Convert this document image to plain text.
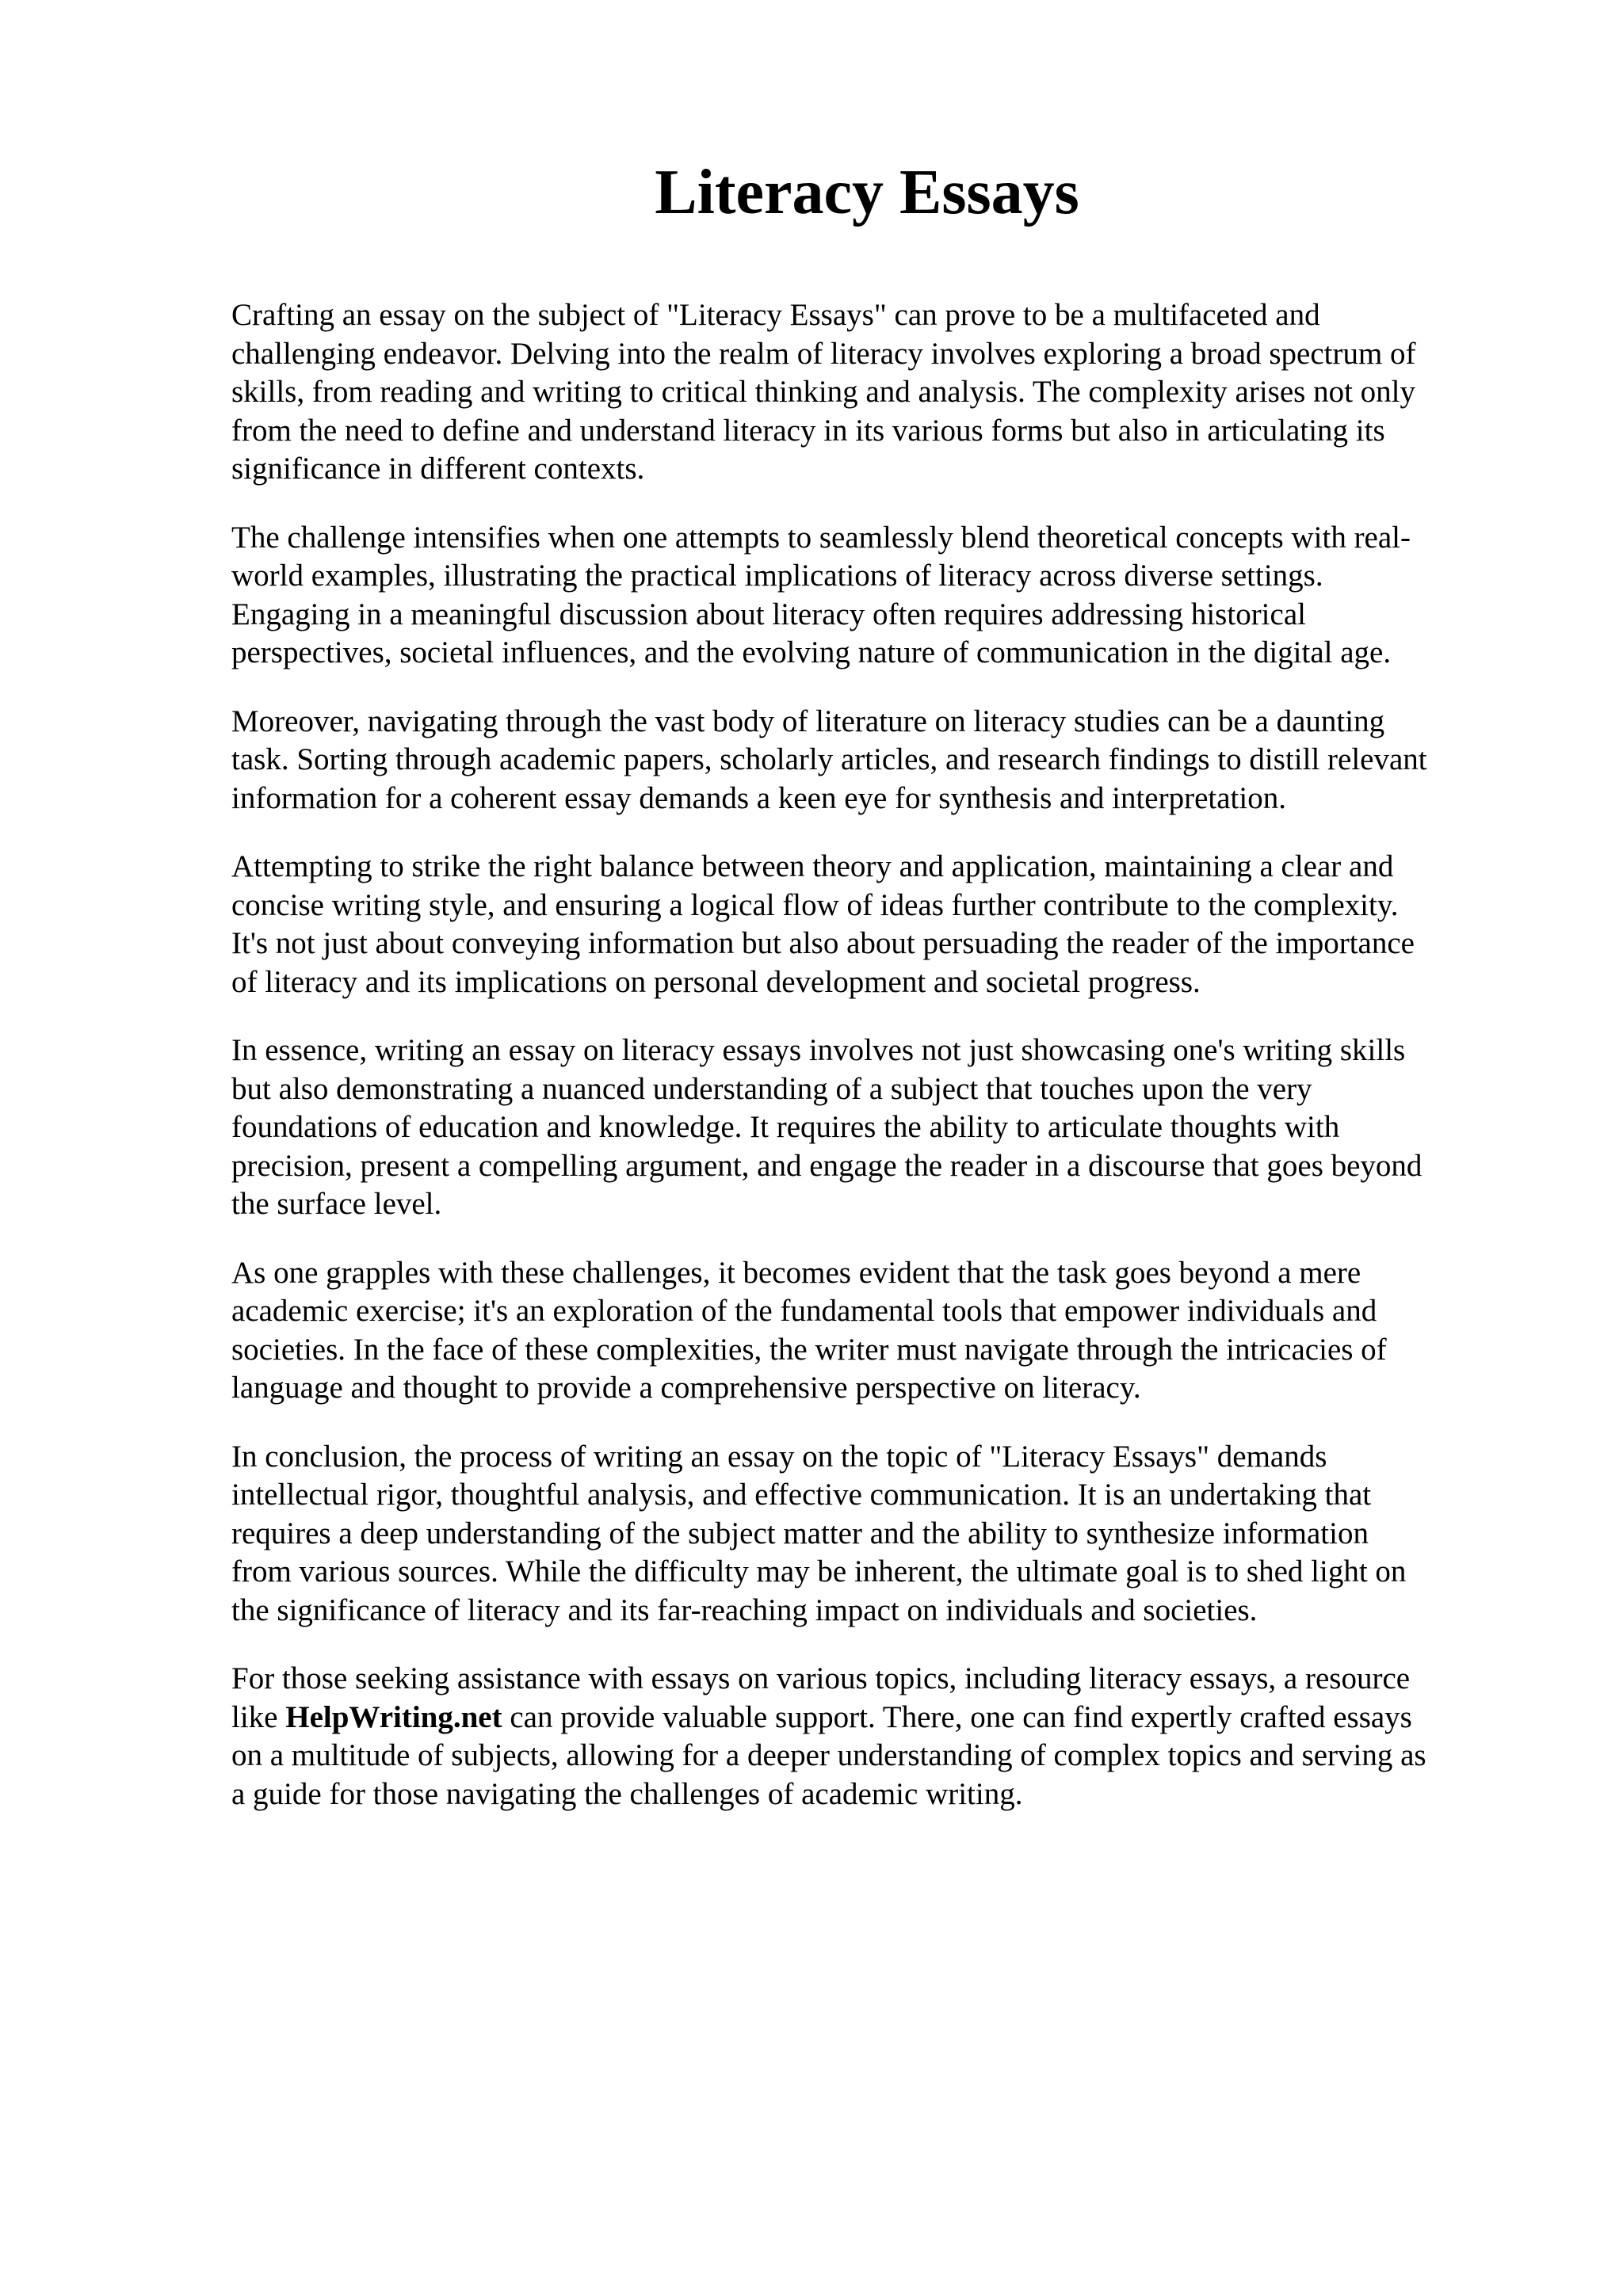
Literacy Essays

Crafting an essay on the subject of "Literacy Essays" can prove to be a multifaceted and
challenging endeavor. Delving into the realm of literacy involves exploring a broad spectrum of
skills, from reading and writing to critical thinking and analysis. The complexity arises not only
from the need to define and understand literacy in its various forms but also in articulating its
significance in different contexts.

The challenge intensifies when one attempts to seamlessly blend theoretical concepts with real-
world examples, illustrating the practical implications of literacy across diverse settings.
Engaging in a meaningful discussion about literacy often requires addressing historical
perspectives, societal influences, and the evolving nature of communication in the digital age.

Moreover, navigating through the vast body of literature on literacy studies can be a daunting
task. Sorting through academic papers, scholarly articles, and research findings to distill relevant
information for a coherent essay demands a keen eye for synthesis and interpretation.

Attempting to strike the right balance between theory and application, maintaining a clear and
concise writing style, and ensuring a logical flow of ideas further contribute to the complexity.
It's not just about conveying information but also about persuading the reader of the importance
of literacy and its implications on personal development and societal progress.

In essence, writing an essay on literacy essays involves not just showcasing one's writing skills
but also demonstrating a nuanced understanding of a subject that touches upon the very
foundations of education and knowledge. It requires the ability to articulate thoughts with
precision, present a compelling argument, and engage the reader in a discourse that goes beyond
the surface level.

As one grapples with these challenges, it becomes evident that the task goes beyond a mere
academic exercise; it's an exploration of the fundamental tools that empower individuals and
societies. In the face of these complexities, the writer must navigate through the intricacies of
language and thought to provide a comprehensive perspective on literacy.

In conclusion, the process of writing an essay on the topic of "Literacy Essays" demands
intellectual rigor, thoughtful analysis, and effective communication. It is an undertaking that
requires a deep understanding of the subject matter and the ability to synthesize information
from various sources. While the difficulty may be inherent, the ultimate goal is to shed light on
the significance of literacy and its far-reaching impact on individuals and societies.

For those seeking assistance with essays on various topics, including literacy essays, a resource
like HelpWriting.net can provide valuable support. There, one can find expertly crafted essays
on a multitude of subjects, allowing for a deeper understanding of complex topics and serving as
a guide for those navigating the challenges of academic writing.
